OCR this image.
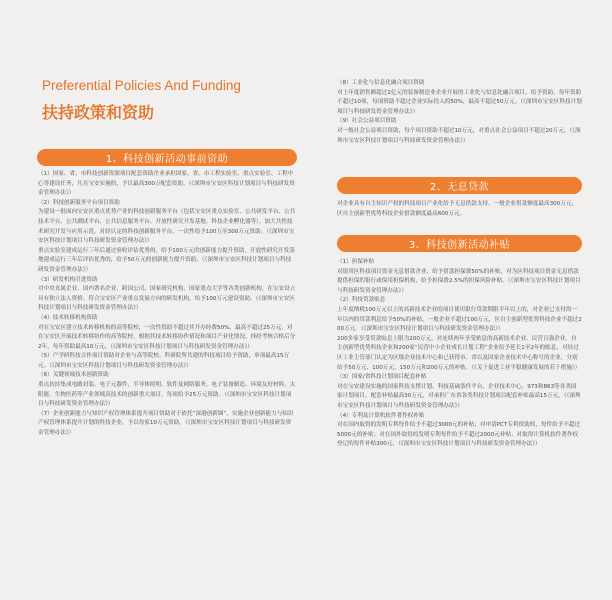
Preferential Policies And Funding
扶持政策和资助
1、科技创新活动事前资助
（1）国家、省、市科技创新资源项目配套资助企业承担国家、省、市工程实验室、重点实验室、工程中心等建设任务，凡在宝安实施的，予以最高300万配套资助。（《深圳市宝安区科技计划项目与科技研发资金管理办法》）
（2）科技创新服务平台项目资助
为建设一批面向宝安区重点优势产业的科技创新服务平台（包括宝安区重点实验室、公共研发平台、公共技术平台、公共测试平台、公共信息服务平台、开放性研究开发基地、科技企业孵化器等），加大共性技术研究开发与应用示范，对经认定的科技创新服务平台，一次性给予100万至300万元资助。（《深圳市宝安区科技计划项目与科技研发资金管理办法》）
重点实验室建成运行三年后通过验收评估优秀的，给予100万元的创新能力提升资助，开放性研究开发基地建成运行三年后评估优秀的，给予50万元的创新能力提升资助。（《深圳市宝安区科技计划项目与科技研发资金管理办法》）
（3）研发机构引进资助
对中央直属企业、国内著名企业、跨国公司、国家研究机构、国家重点大学等各类创新机构，在宝安设立具有独立法人资格、符合宝安区产业重点发展方向的研发机构，给予100万元建设资助。（《深圳市宝安区科技计划项目与科技研发资金管理办法》）
（4）技术转移机构资助
对在宝安区建立技术转移机构的高等院校，一次性资助不超过其开办经费50%，最高不超过25万元。对在宝安区开展技术转移协作的高等院校，根据其技术转移协作情况和项目产业化情况，择经考核合格后分2年，每年资助最高10万元。（《深圳市宝安区科技计划项目与科技研发资金管理办法》）
（5）产学研科技合作项目资助对企业与高等院校、科研院所共建的科技项目给予资助，单项最高15万元。（《深圳市宝安区科技计划项目与科技研发资金管理办法》）
（6）关键领域技术创新资助
重点扶持集成电路封装、电子元器件、半导体照明、软件及网络服务、电子装备制造、环境友好材料、太阳能、生物医药等产业领域高技术的创新重大项目，每项给予25万元资助。（《深圳市宝安区科技计划项目与科技研发资金管理办法》）
（7）企业创新能力与知识产权管理体系提升项目资助对于依托“深港创新圈”，实施企业创新能力与知识产权管理体系提升计划的科技企业，予以每家10万元资助。（《深圳市宝安区科技计划项目与科技研发资金管理办法》）
（8）工业化与信息化融合项目资助
对上年度销售额超过2亿元的装备制造业企业开展的工业化与信息化融合项目，给予资助，每年资助不超过10项，每项资助不超过企业实际投入的50%，最高不超过50万元。（《深圳市宝安区科技计划项目与科技研发资金管理办法》）
（9）社会公益项目资助
对一般社会公益项目资助，每个项目资助不超过10万元，对重点社会公益项目不超过20万元。（《深圳市宝安区科技计划项目与科技研发资金管理办法》）
2、无息贷款
对企业具有自主知识产权的科技项目产业化给予无息借款支持，一般企业借款额度最高300万元，区自主创新型优势科技企业借款额度最高600万元。
3、科技创新活动补贴
（1）担保补贴
对银用区科技项目资金无息借款企业，给予借款担保费50%的补贴，对为区科技项目资金无息借款提供担保的银行或保用担保机构，给予担保费2.5%的担保风险补贴。（《深圳市宝安区科技计划项目与科技研发资金管理办法》）
（2）科技贷款贴息
上年度纳税100万元以上的高新技术企业的项目使用银行贷款期限半年以上的，对企业已支付的一年以内的贷款利息给予50%的补贴，一般企业不超过100万元，区自主创新型优势科技企业不超过200万元。（《深圳市宝安区科技计划项目与科技研发资金管理办法》）
200多家享受贷款贴息上限为200万元，对连续两年享受贴息的高新技术企业、民营百强企业、自主创新型优势科技企业和200家“民营中小企业成长计划工程”企业给予延长1至2年的贴息，对经过区工业主管部门认定为区级企业技术中心和已获得市、省以及国家企业技术中心称号的企业，分别给予50万元、100万元、150万元和200万元的补贴。（《关于促进工业平稳健康发展的若干措施》）
（3）国家/省科技计划项目配套补贴
对在宝安建设实施的国家科技支撑计划、科技基础条件平台、企业技术中心、973和863等各类国家计划项目，配套补贴最高30万元，对承担广东省各类科技计划项目配套补贴最高15万元。（《深圳市宝安区科技计划项目与科技研发资金管理办法》）
（4）专利及计算机软件著作权补贴
对在国内取得的发明专利每件给予不超过3000元的补贴；对申请PCT专利资助的，每件给予不超过5000元的补贴；对在国外取得的发明专利每件给予不超过2000元补贴；对取得计算机软件著作权登记的每件补贴300元。（《深圳市宝安区科技计划项目与科技研发资金管理办法》）
